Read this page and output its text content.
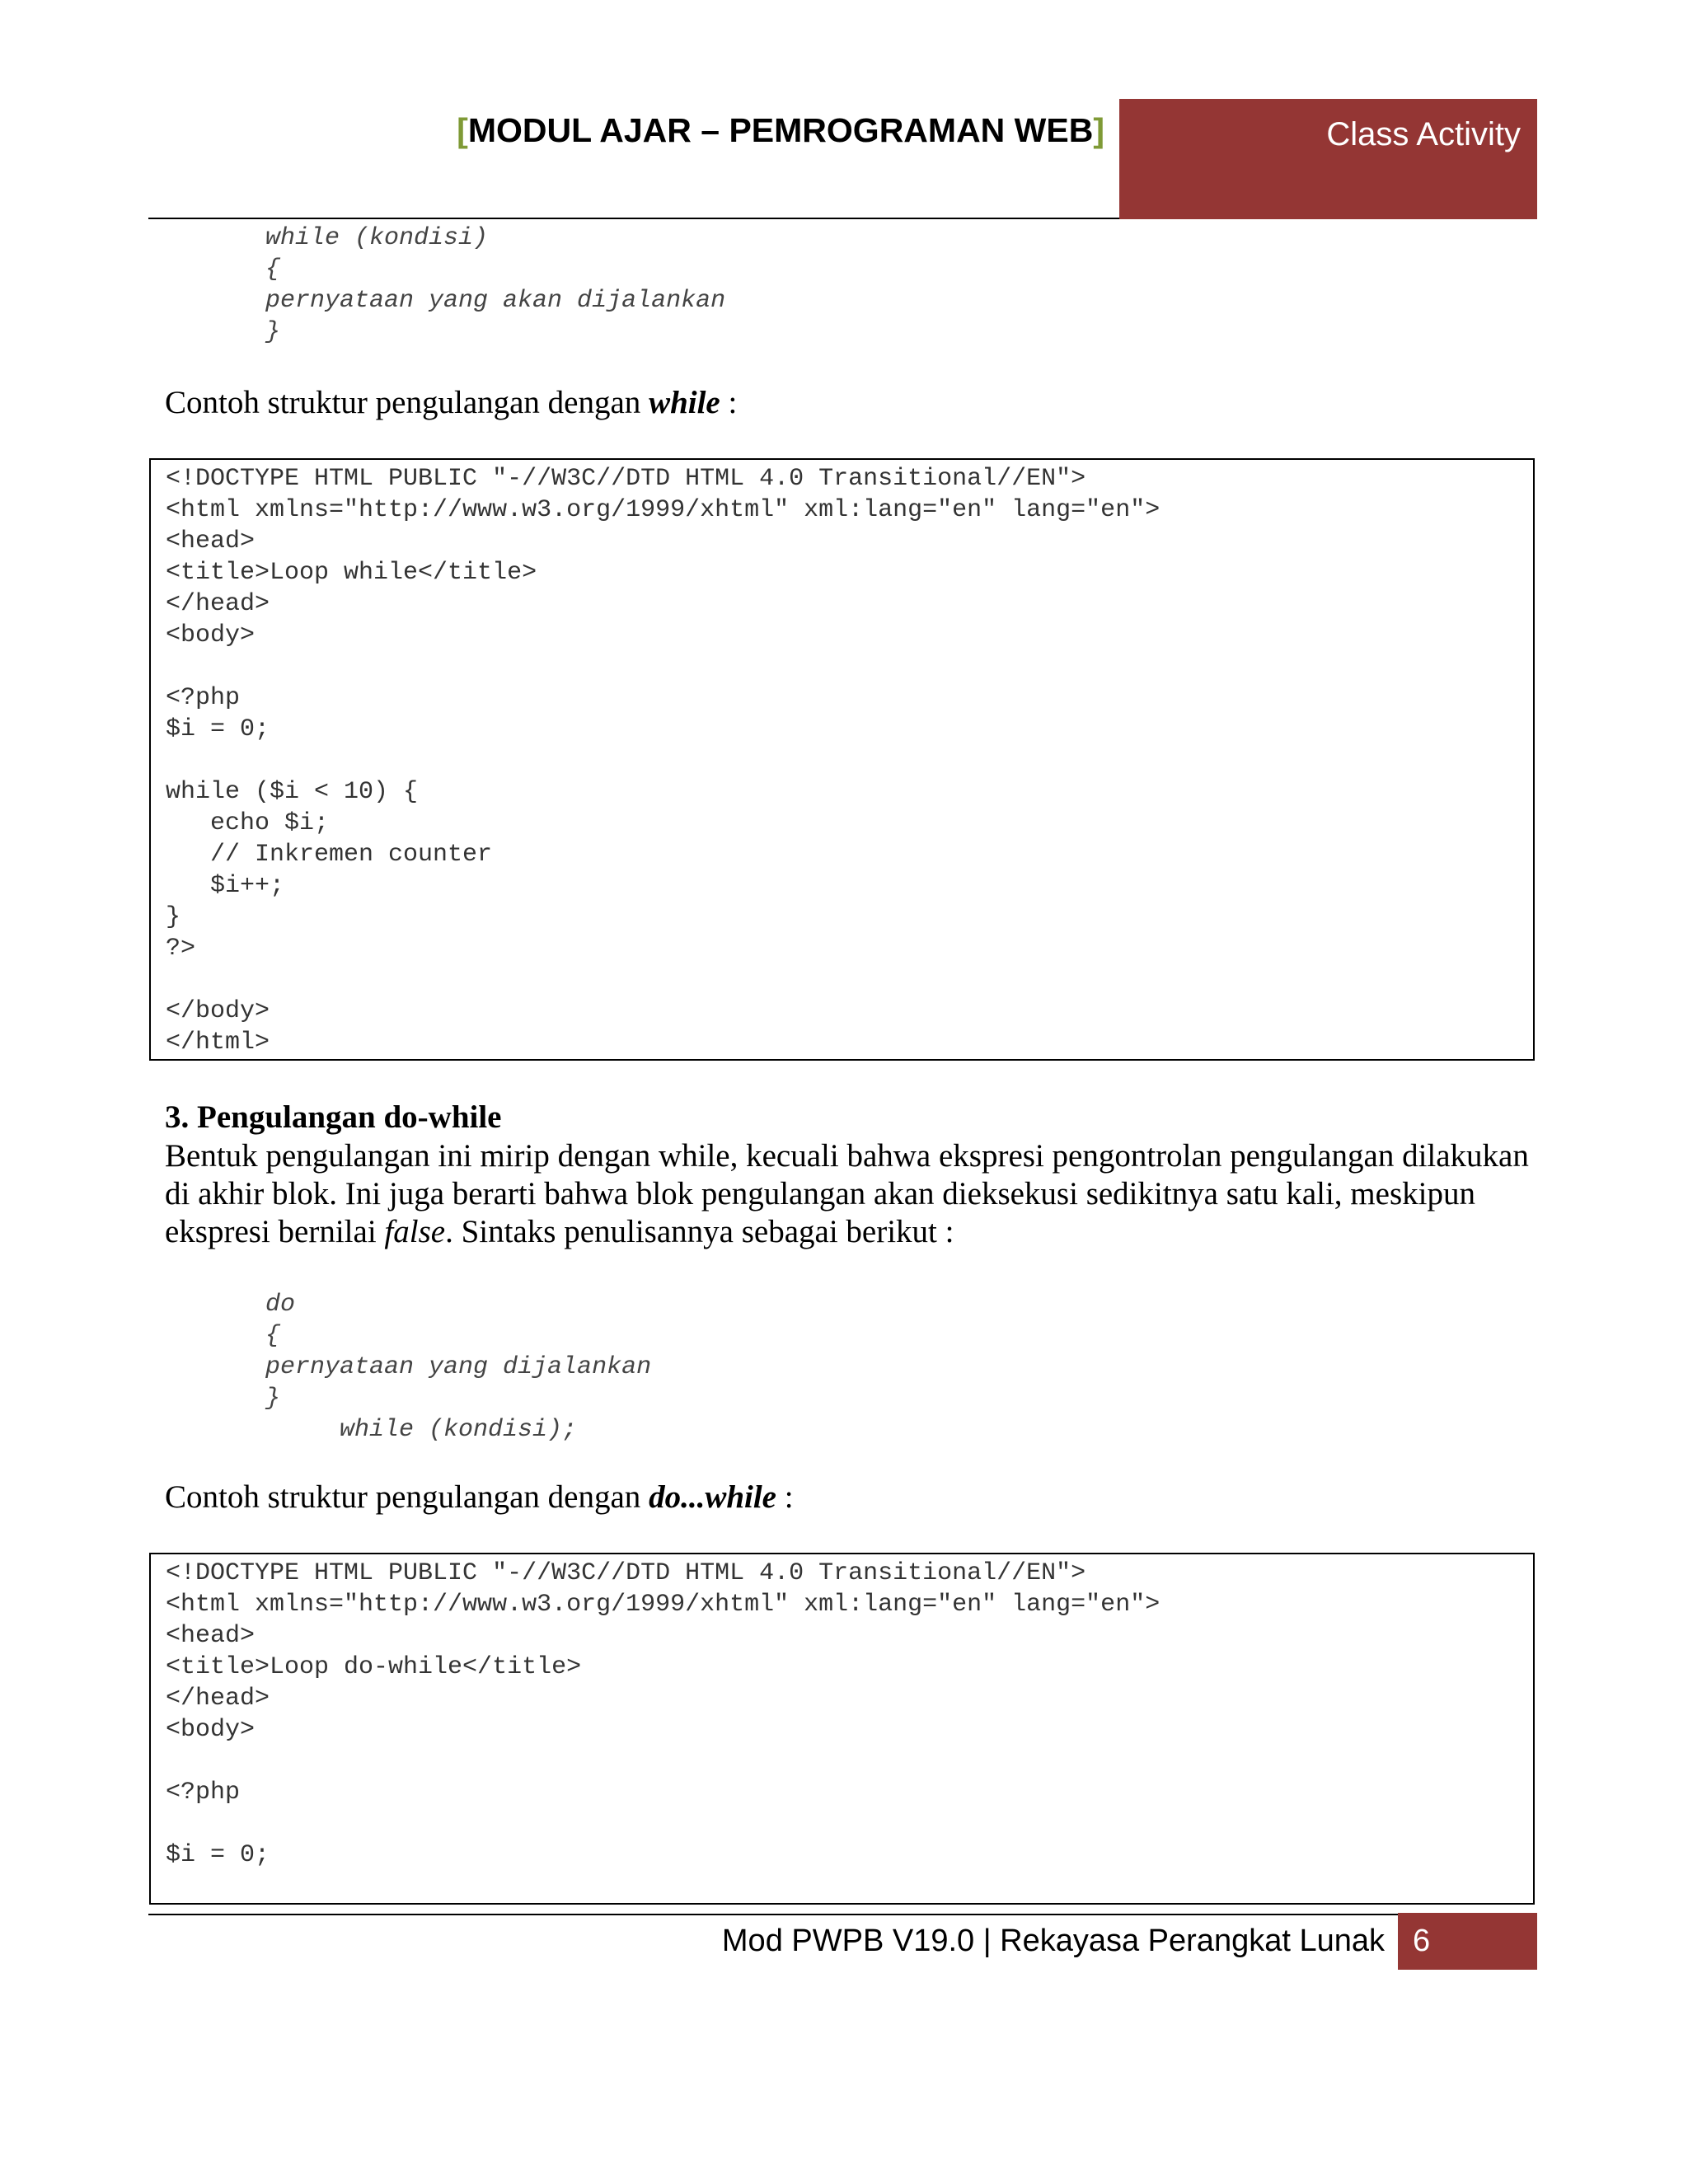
[MODUL AJAR – PEMROGRAMAN WEB]	Class Activity
while (kondisi)
{
pernyataan yang akan dijalankan
}

Contoh struktur pengulangan dengan while :

<!DOCTYPE HTML PUBLIC "-//W3C//DTD HTML 4.0 Transitional//EN">
<html xmlns="http://www.w3.org/1999/xhtml" xml:lang="en" lang="en">
<head>
<title>Loop while</title>
</head>
<body>

<?php
$i = 0;

while ($i < 10) {
echo $i;
// Inkremen counter
$i++;
}
?>

</body>
</html>

3. Pengulangan do-while

Bentuk pengulangan ini mirip dengan while, kecuali bahwa ekspresi pengontrolan pengulangan dilakukan di akhir blok. Ini juga berarti bahwa blok pengulangan akan dieksekusi sedikitnya satu kali, meskipun ekspresi bernilai false. Sintaks penulisannya sebagai berikut :

do
{
pernyataan yang dijalankan
}
while (kondisi);

Contoh struktur pengulangan dengan do...while :

<!DOCTYPE HTML PUBLIC "-//W3C//DTD HTML 4.0 Transitional//EN">
<html xmlns="http://www.w3.org/1999/xhtml" xml:lang="en" lang="en">
<head>
<title>Loop do-while</title>
</head>
<body>

<?php

$i = 0;
Mod PWPB V19.0 | Rekayasa Perangkat Lunak 6
